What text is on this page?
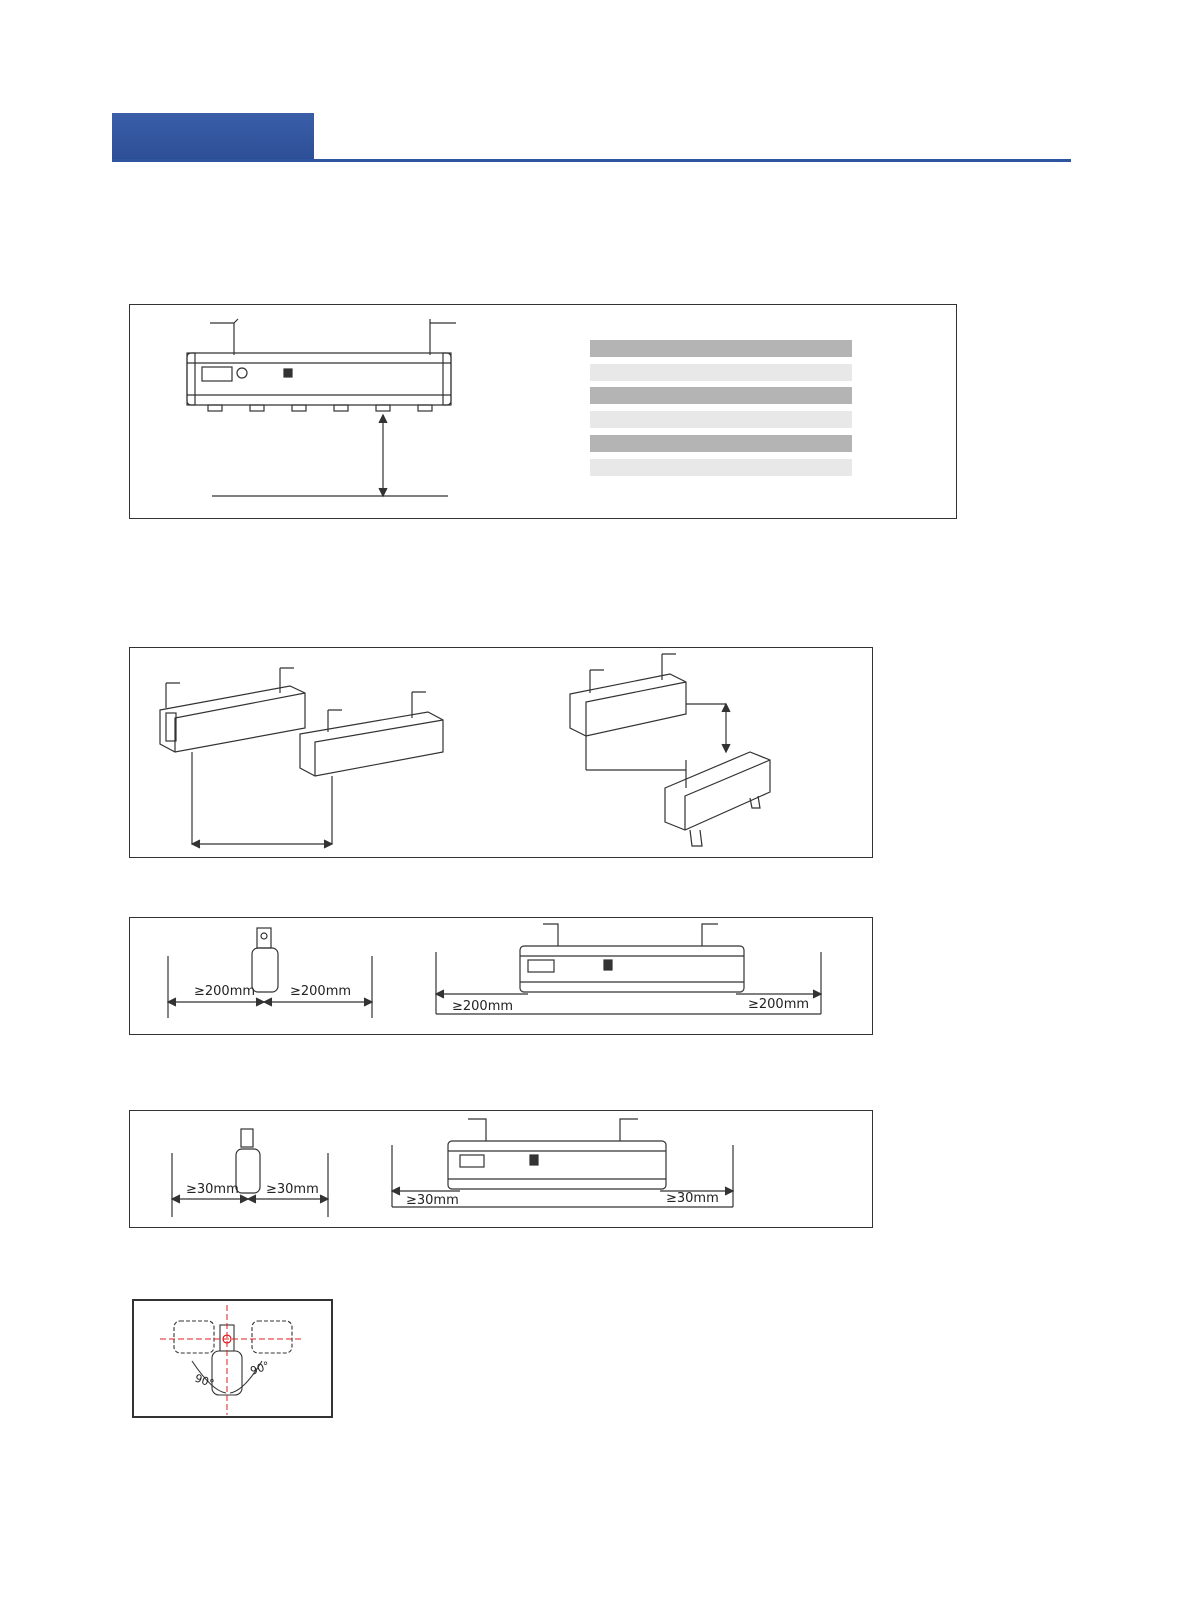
≥200mm	≥200mm
≥200mm	≥200mm
≥30mm ≥30mm
≥30mm	≥30mm
90°
90°
